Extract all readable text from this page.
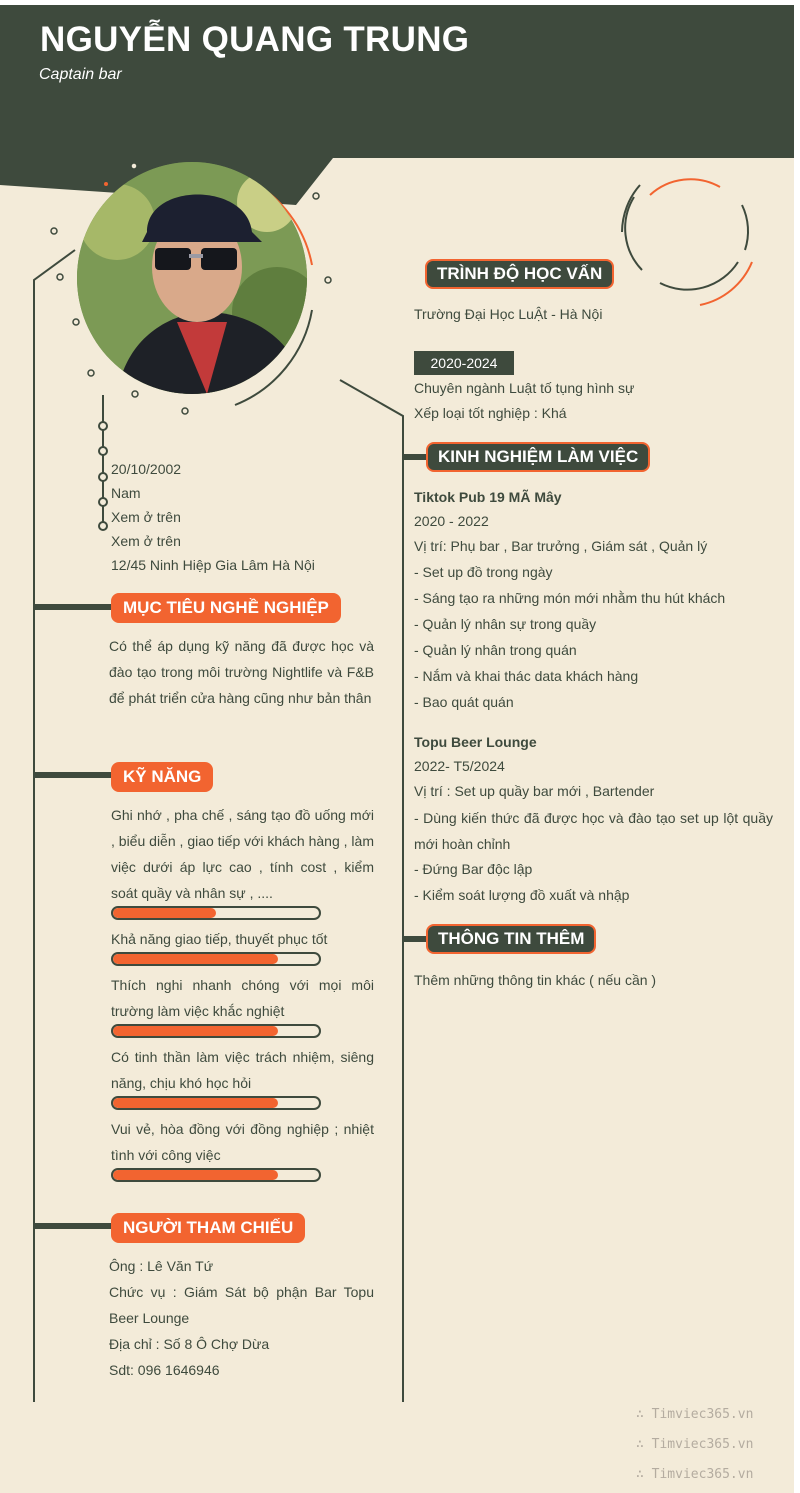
NGUYỄN QUANG TRUNG
Captain bar
20/10/2002
Nam
Xem ở trên
Xem ở trên
12/45 Ninh Hiệp Gia Lâm Hà Nội
MỤC TIÊU NGHỀ NGHIỆP
Có thể áp dụng kỹ năng đã được học và đào tạo trong môi trường Nightlife và F&B để phát triển cửa hàng cũng như bản thân
KỸ NĂNG
Ghi nhớ , pha chế , sáng tạo đồ uống mới , biểu diễn , giao tiếp với khách hàng , làm việc dưới áp lực cao , tính cost , kiểm soát quầy và nhân sự , ....
Khả năng giao tiếp, thuyết phục tốt
Thích nghi nhanh chóng với mọi môi trường làm việc khắc nghiệt
Có tinh thần làm việc trách nhiệm, siêng năng, chịu khó học hỏi
Vui vẻ, hòa đồng với đồng nghiệp ; nhiệt tình với công việc
NGƯỜI THAM CHIẾU
Ông : Lê Văn Tứ
Chức vụ : Giám Sát bộ phận Bar Topu Beer Lounge
Địa chỉ : Số 8 Ô Chợ Dừa
Sdt: 096 1646946
TRÌNH ĐỘ HỌC VẤN
Trường Đại Học LuẬt - Hà Nội
2020-2024
Chuyên ngành Luật tố tụng hình sự
Xếp loại tốt nghiệp : Khá
KINH NGHIỆM LÀM VIỆC
Tiktok Pub 19 MÃ Mây
2020 - 2022
Vị trí: Phụ bar , Bar trưởng , Giám sát , Quản lý
- Set up đồ trong ngày
- Sáng tạo ra những món mới nhằm thu hút khách
- Quản lý nhân sự trong quầy
- Quản lý nhân trong quán
- Nắm và khai thác data khách hàng
- Bao quát quán
Topu Beer Lounge
2022- T5/2024
Vị trí : Set up quầy bar mới , Bartender
- Dùng kiến thức đã được học và đào tạo set up lột quầy mới hoàn chỉnh
- Đứng Bar độc lập
- Kiểm soát lượng đồ xuất và nhập
THÔNG TIN THÊM
Thêm những thông tin khác ( nếu cần )
∴ Timviec365.vn
∴ Timviec365.vn
∴ Timviec365.vn
